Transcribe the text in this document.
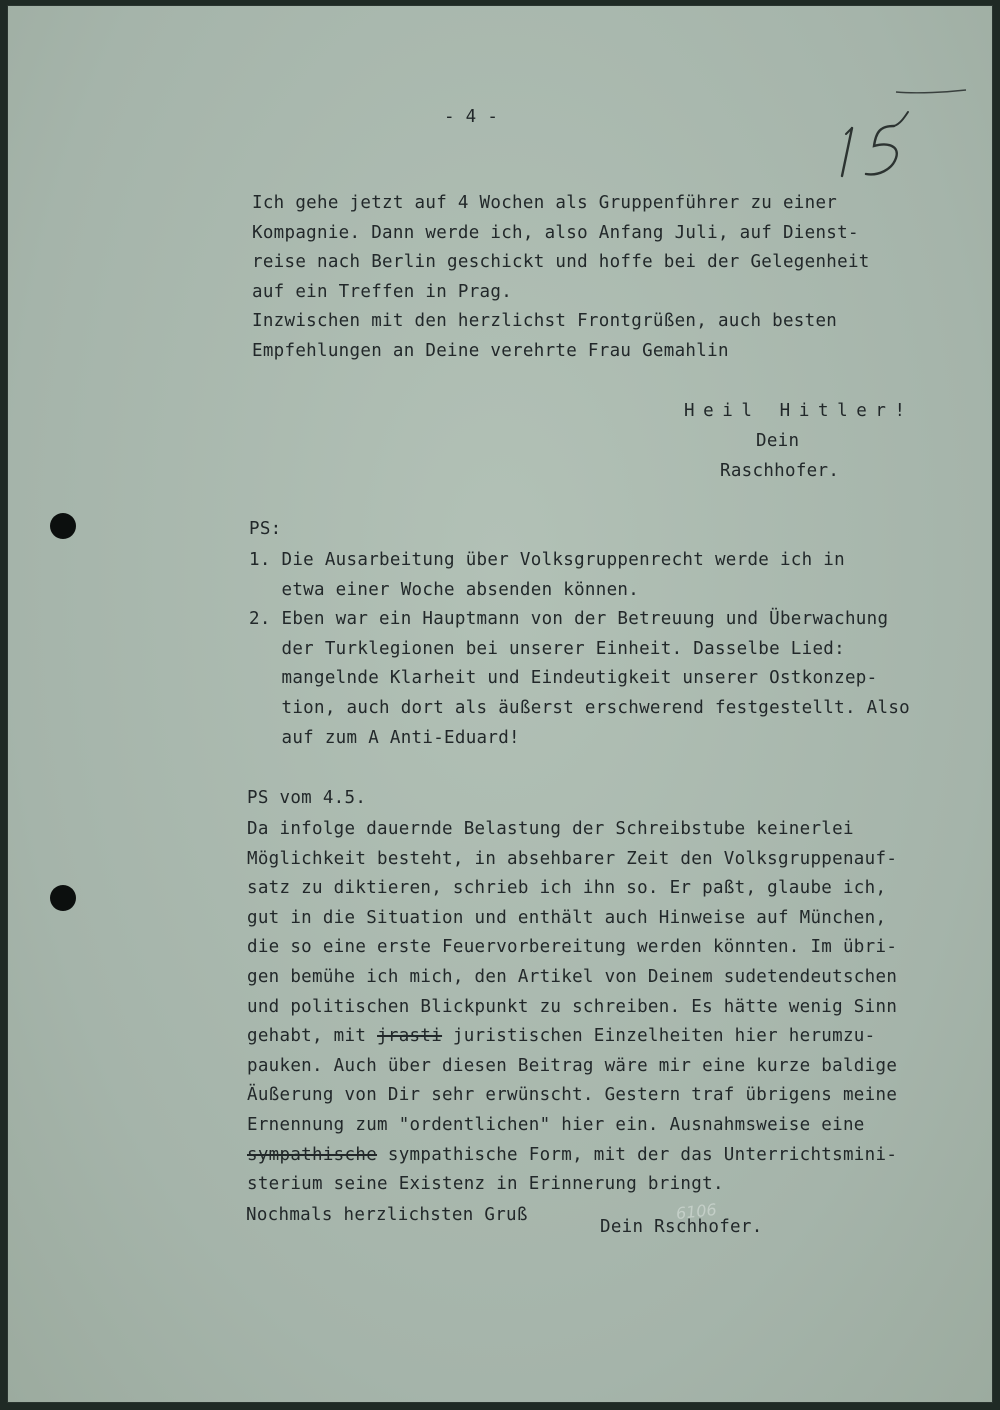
- 4 -
Ich gehe jetzt auf 4 Wochen als Gruppenführer zu einer
Kompagnie. Dann werde ich, also Anfang Juli, auf Dienst-
reise nach Berlin geschickt und hoffe bei der Gelegenheit
auf ein Treffen in Prag.
Inzwischen mit den herzlichst Frontgrüßen, auch besten
Empfehlungen an Deine verehrte Frau Gemahlin
Heil Hitler!
Dein
Raschhofer.
PS:
1. Die Ausarbeitung über Volksgruppenrecht werde ich in
etwa einer Woche absenden können.
2. Eben war ein Hauptmann von der Betreuung und Überwachung
der Turklegionen bei unserer Einheit. Dasselbe Lied:
mangelnde Klarheit und Eindeutigkeit unserer Ostkonzep-
tion, auch dort als äußerst erschwerend festgestellt. Also
auf zum A Anti-Eduard!
PS vom 4.5.
Da infolge dauernde Belastung der Schreibstube keinerlei
Möglichkeit besteht, in absehbarer Zeit den Volksgruppenauf-
satz zu diktieren, schrieb ich ihn so. Er paßt, glaube ich,
gut in die Situation und enthält auch Hinweise auf München,
die so eine erste Feuervorbereitung werden könnten. Im übri-
gen bemühe ich mich, den Artikel von Deinem sudetendeutschen
und politischen Blickpunkt zu schreiben. Es hätte wenig Sinn
gehabt, mit jrasti juristischen Einzelheiten hier herumzu-
pauken. Auch über diesen Beitrag wäre mir eine kurze baldige
Äußerung von Dir sehr erwünscht. Gestern traf übrigens meine
Ernennung zum "ordentlichen" hier ein. Ausnahmsweise eine
sympathische sympathische Form, mit der das Unterrichtsmini-
sterium seine Existenz in Erinnerung bringt.
Nochmals herzlichsten Gruß
Dein Rschhofer.
6106
